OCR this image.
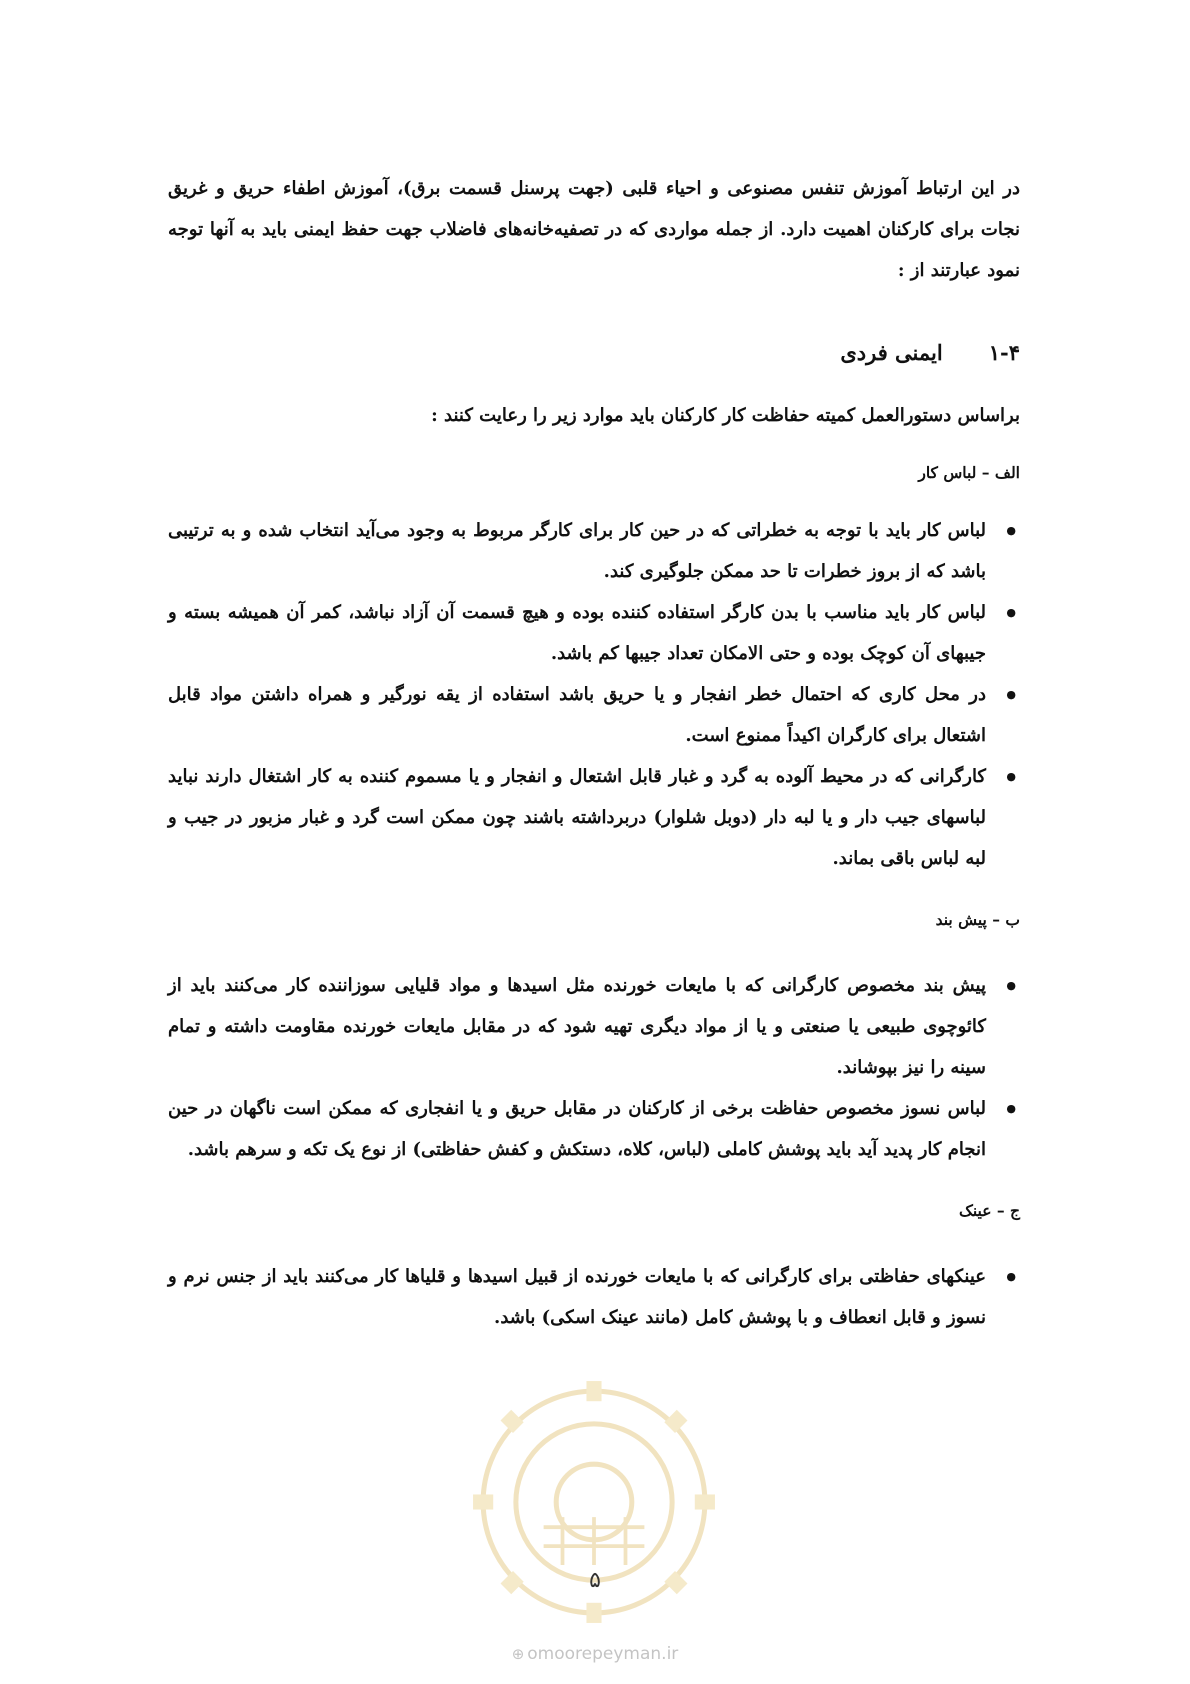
در این ارتباط آموزش تنفس مصنوعی و احیاء قلبی (جهت پرسنل قسمت برق)، آموزش اطفاء حریق و غریق نجات برای کارکنان اهمیت دارد. از جمله مواردی که در تصفیه‌خانه‌های فاضلاب جهت حفظ ایمنی باید به آنها توجه نمود عبارتند از :

۱-۴
ایمنی فردی

براساس دستورالعمل کمیته حفاظت کار کارکنان باید موارد زیر را رعایت کنند :

الف – لباس کار
● لباس کار باید با توجه به خطراتی که در حین کار برای کارگر مربوط به وجود می‌آید انتخاب شده و به ترتیبی باشد که از بروز خطرات تا حد ممکن جلوگیری کند.
● لباس کار باید مناسب با بدن کارگر استفاده کننده بوده و هیچ قسمت آن آزاد نباشد، کمر آن همیشه بسته و جیبهای آن کوچک بوده و حتی الامکان تعداد جیبها کم باشد.
● در محل کاری که احتمال خطر انفجار و یا حریق باشد استفاده از یقه نورگیر و همراه داشتن مواد قابل اشتعال برای کارگران اکیداً ممنوع است.
● کارگرانی که در محیط آلوده به گرد و غبار قابل اشتعال و انفجار و یا مسموم کننده به کار اشتغال دارند نباید لباسهای جیب دار و یا لبه دار (دوبل شلوار) دربرداشته باشند چون ممکن است گرد و غبار مزبور در جیب و لبه لباس باقی بماند.
ب – پیش بند
● پیش بند مخصوص کارگرانی که با مایعات خورنده مثل اسیدها و مواد قلیایی سوزاننده کار می‌کنند باید از کائوچوی طبیعی یا صنعتی و یا از مواد دیگری تهیه شود که در مقابل مایعات خورنده مقاومت داشته و تمام سینه را نیز بپوشاند.
● لباس نسوز مخصوص حفاظت برخی از کارکنان در مقابل حریق و یا انفجاری که ممکن است ناگهان در حین انجام کار پدید آید باید پوشش کاملی (لباس، کلاه، دستکش و کفش حفاظتی) از نوع یک تکه و سرهم باشد.
ج – عینک
● عینکهای حفاظتی برای کارگرانی که با مایعات خورنده از قبیل اسیدها و قلیاها کار می‌کنند باید از جنس نرم و نسوز و قابل انعطاف و با پوشش کامل (مانند عینک اسکی) باشد.
۵
⊕ omoorepeyman.ir
